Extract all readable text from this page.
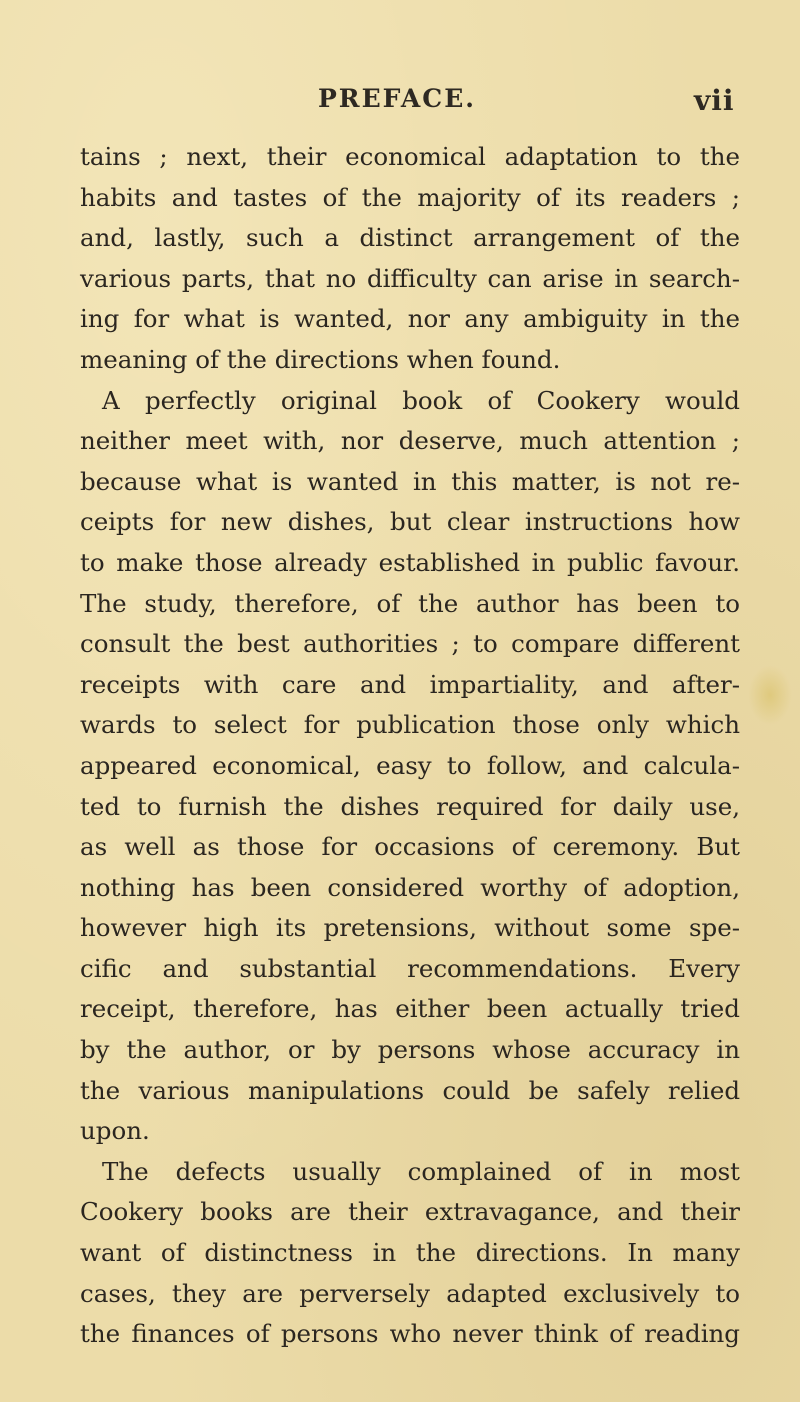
PREFACE.	vii
tains ; next, their economical adaptation to the
habits and tastes of the majority of its readers ;
and, lastly, such a distinct arrangement of the
various parts, that no difficulty can arise in search-
ing for what is wanted, nor any ambiguity in the
meaning of the directions when found.
A perfectly original book of Cookery would
neither meet with, nor deserve, much attention ;
because what is wanted in this matter, is not re-
ceipts for new dishes, but clear instructions how
to make those already established in public favour.
The study, therefore, of the author has been to
consult the best authorities ; to compare different
receipts with care and impartiality, and after-
wards to select for publication those only which
appeared economical, easy to follow, and calcula-
ted to furnish the dishes required for daily use,
as well as those for occasions of ceremony. But
nothing has been considered worthy of adoption,
however high its pretensions, without some spe-
cific and substantial recommendations. Every
receipt, therefore, has either been actually tried
by the author, or by persons whose accuracy in
the various manipulations could be safely relied
upon.
The defects usually complained of in most
Cookery books are their extravagance, and their
want of distinctness in the directions. In many
cases, they are perversely adapted exclusively to
the finances of persons who never think of reading
